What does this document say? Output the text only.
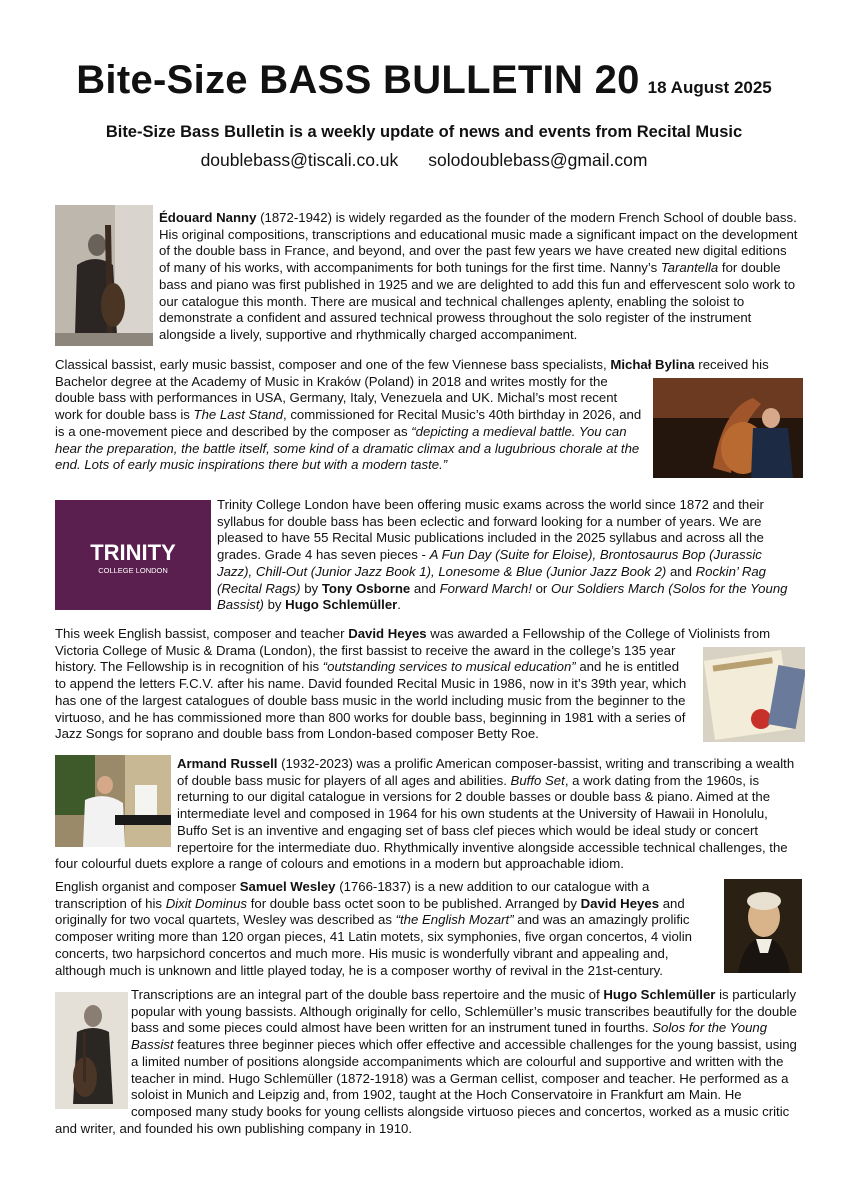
Bite-Size BASS BULLETIN 20 18 August 2025
Bite-Size Bass Bulletin is a weekly update of news and events from Recital Music
doublebass@tiscali.co.uk solodoublebass@gmail.com

Édouard Nanny (1872-1942) is widely regarded as the founder of the modern French School of double bass. His original compositions, transcriptions and educational music made a significant impact on the development of the double bass in France, and beyond, and over the past few years we have created new digital editions of many of his works, with accompaniments for both tunings for the first time. Nanny’s Tarantella for double bass and piano was first published in 1925 and we are delighted to add this fun and effervescent solo work to our catalogue this month. There are musical and technical challenges aplenty, enabling the soloist to demonstrate a confident and assured technical prowess throughout the solo register of the instrument alongside a lively, supportive and rhythmically charged accompaniment.

Classical bassist, early music bassist, composer and one of the few Viennese bass specialists, Michał Bylina received his Bachelor degree at the Academy of Music in Kraków (Poland) in 2018 and writes mostly for the double bass with performances in USA, Germany, Italy, Venezuela and UK. Michal’s most recent work for double bass is The Last Stand, commissioned for Recital Music’s 40th birthday in 2026, and is a one-movement piece and described by the composer as “depicting a medieval battle. You can hear the preparation, the battle itself, some kind of a dramatic climax and a lugubrious chorale at the end. Lots of early music inspirations there but with a modern taste.”

TRINITY
COLLEGE LONDON

Trinity College London have been offering music exams across the world since 1872 and their syllabus for double bass has been eclectic and forward looking for a number of years. We are pleased to have 55 Recital Music publications included in the 2025 syllabus and across all the grades. Grade 4 has seven pieces - A Fun Day (Suite for Eloise), Brontosaurus Bop (Jurassic Jazz), Chill-Out (Junior Jazz Book 1), Lonesome & Blue (Junior Jazz Book 2) and Rockin’ Rag (Recital Rags) by Tony Osborne and Forward March! or Our Soldiers March (Solos for the Young Bassist) by Hugo Schlemüller.

This week English bassist, composer and teacher David Heyes was awarded a Fellowship of the College of Violinists from Victoria College of Music & Drama (London), the first bassist to receive the award in the college’s 135 year history. The Fellowship is in recognition of his “outstanding services to musical education” and he is entitled to append the letters F.C.V. after his name. David founded Recital Music in 1986, now in it’s 39th year, which has one of the largest catalogues of double bass music in the world including music from the beginner to the virtuoso, and he has commissioned more than 800 works for double bass, beginning in 1981 with a series of Jazz Songs for soprano and double bass from London-based composer Betty Roe.

Armand Russell (1932-2023) was a prolific American composer-bassist, writing and transcribing a wealth of double bass music for players of all ages and abilities. Buffo Set, a work dating from the 1960s, is returning to our digital catalogue in versions for 2 double basses or double bass & piano. Aimed at the intermediate level and composed in 1964 for his own students at the University of Hawaii in Honolulu, Buffo Set is an inventive and engaging set of bass clef pieces which would be ideal study or concert repertoire for the intermediate duo. Rhythmically inventive alongside accessible technical challenges, the four colourful duets explore a range of colours and emotions in a modern but approachable idiom.

English organist and composer Samuel Wesley (1766-1837) is a new addition to our catalogue with a transcription of his Dixit Dominus for double bass octet soon to be published. Arranged by David Heyes and originally for two vocal quartets, Wesley was described as “the English Mozart” and was an amazingly prolific composer writing more than 120 organ pieces, 41 Latin motets, six symphonies, five organ concertos, 4 violin concerts, two harpsichord concertos and much more. His music is wonderfully vibrant and appealing and, although much is unknown and little played today, he is a composer worthy of revival in the 21st-century.

Transcriptions are an integral part of the double bass repertoire and the music of Hugo Schlemüller is particularly popular with young bassists. Although originally for cello, Schlemüller’s music transcribes beautifully for the double bass and some pieces could almost have been written for an instrument tuned in fourths. Solos for the Young Bassist features three beginner pieces which offer effective and accessible challenges for the young bassist, using a limited number of positions alongside accompaniments which are colourful and supportive and written with the teacher in mind. Hugo Schlemüller (1872-1918) was a German cellist, composer and teacher. He performed as a soloist in Munich and Leipzig and, from 1902, taught at the Hoch Conservatoire in Frankfurt am Main. He composed many study books for young cellists alongside virtuoso pieces and concertos, worked as a music critic and writer, and founded his own publishing company in 1910.
